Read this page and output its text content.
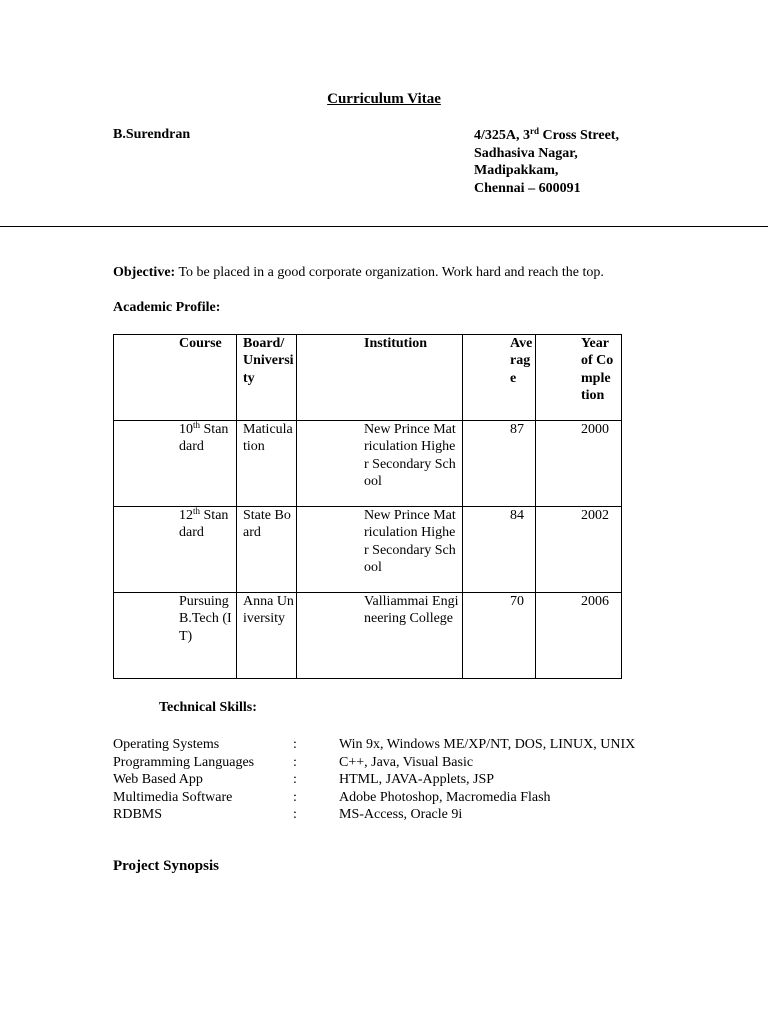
Curriculum Vitae
B.Surendran	4/325A, 3rd Cross Street,
Sadhasiva Nagar,
Madipakkam,
Chennai – 600091
Objective: To be placed in a good corporate organization. Work hard and reach the top.
Academic Profile:
Course	Board/ University	Institution	Average	Year of Completion
10th Standard	Maticulation	New Prince Matriculation Higher Secondary School	87	2000
12th Standard	State Board	New Prince Matriculation Higher Secondary School	84	2002
Pursuing B.Tech (IT)	Anna University	Valliammai Engineering College	70	2006
Technical Skills:
Operating Systems	:	Win 9x, Windows ME/XP/NT, DOS, LINUX, UNIX
Programming Languages	:	C++, Java, Visual Basic
Web Based App	:	HTML, JAVA-Applets, JSP
Multimedia Software	:	Adobe Photoshop, Macromedia Flash
RDBMS	:	MS-Access, Oracle 9i
Project Synopsis
